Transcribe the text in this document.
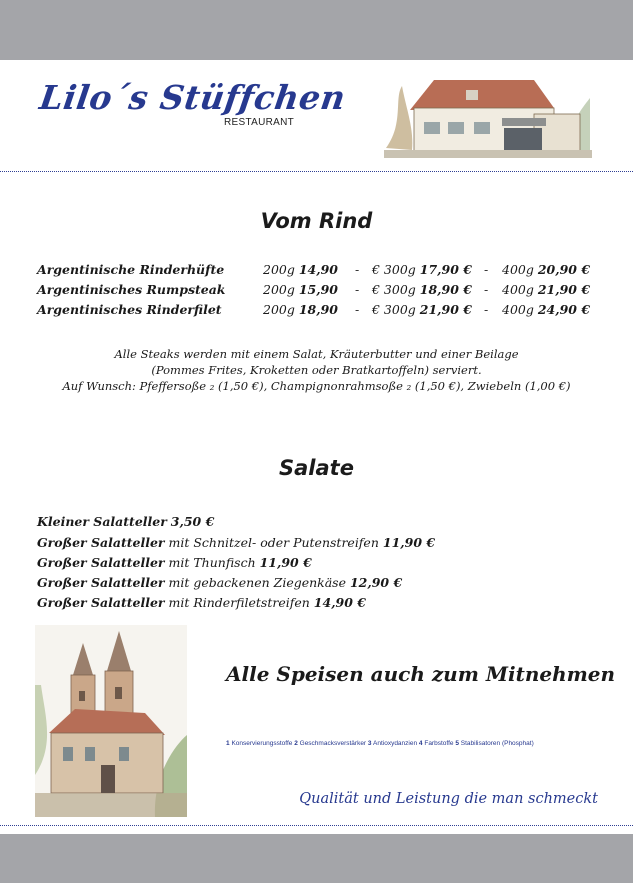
Lilo´s Stüffchen
RESTAURANT
Vom Rind
Argentinische Rinderhüfte	200g 14,90 - € 300g 17,90 € - 400g 20,90 €
Argentinisches Rumpsteak	200g 15,90 - € 300g 18,90 € - 400g 21,90 €
Argentinisches Rinderfilet	200g 18,90 - € 300g 21,90 € - 400g 24,90 €
Alle Steaks werden mit einem Salat, Kräuterbutter und einer Beilage
(Pommes Frites, Kroketten oder Bratkartoffeln) serviert.
Auf Wunsch: Pfeffersoße ₂ (1,50 €), Champignonrahmsoße ₂ (1,50 €), Zwiebeln (1,00 €)
Salate
Kleiner Salatteller 3,50 €
Großer Salatteller mit Schnitzel- oder Putenstreifen 11,90 €
Großer Salatteller mit Thunfisch 11,90 €
Großer Salatteller mit gebackenen Ziegenkäse 12,90 €
Großer Salatteller mit Rinderfiletstreifen 14,90 €
Alle Speisen auch zum Mitnehmen
1 Konservierungsstoffe 2 Geschmacksverstärker 3 Antioxydanzien 4 Farbstoffe 5 Stabilisatoren (Phosphat)
Qualität und Leistung die man schmeckt
